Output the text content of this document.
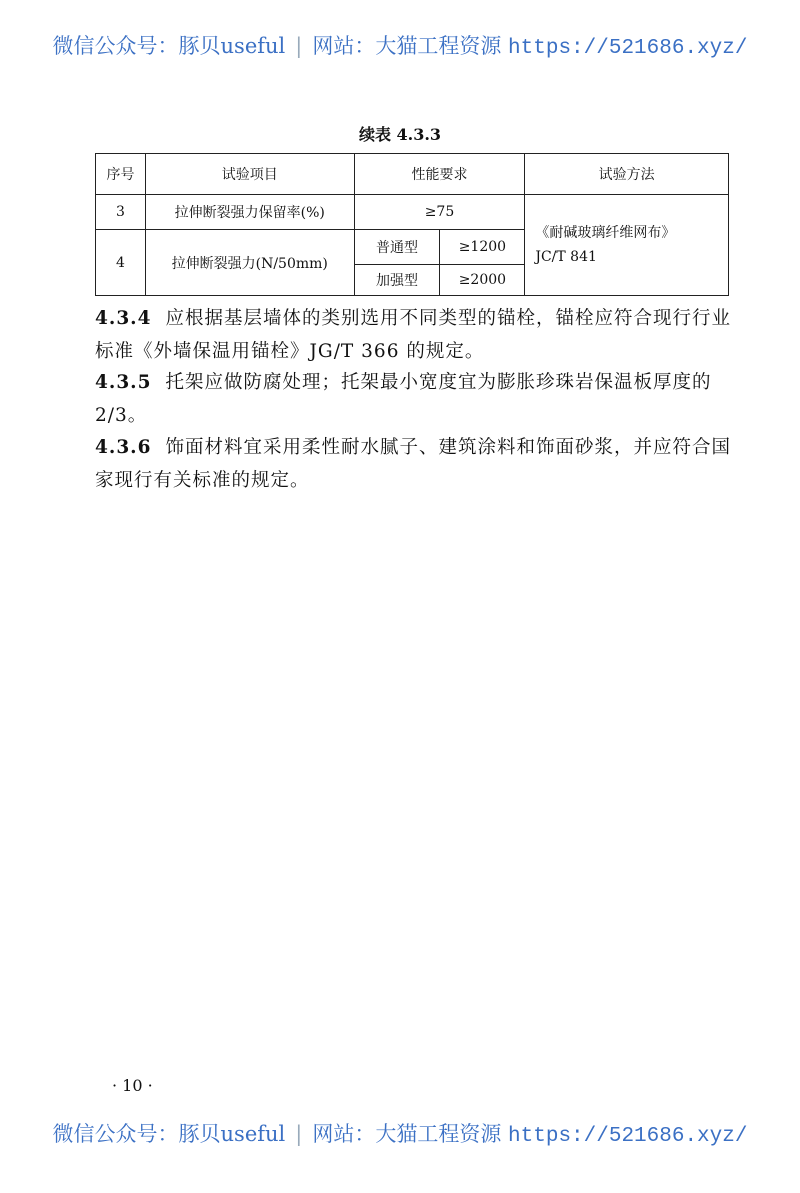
微信公众号：豚贝useful | 网站：大猫工程资源 https://521686.xyz/
续表 4.3.3
序号	试验项目	性能要求		试验方法
3	拉伸断裂强力保留率(%)	≥75		《耐碱玻璃纤维网布》
JC/T 841

4	拉伸断裂强力(N/50mm)	普通型	≥1200	
		加强型	≥2000	
4.3.4 应根据基层墙体的类别选用不同类型的锚栓，锚栓应符合现行行业标准《外墙保温用锚栓》JG/T 366 的规定。
4.3.5 托架应做防腐处理；托架最小宽度宜为膨胀珍珠岩保温板厚度的 2/3。
4.3.6 饰面材料宜采用柔性耐水腻子、建筑涂料和饰面砂浆，并应符合国家现行有关标准的规定。
· 10 ·
微信公众号：豚贝useful | 网站：大猫工程资源 https://521686.xyz/
